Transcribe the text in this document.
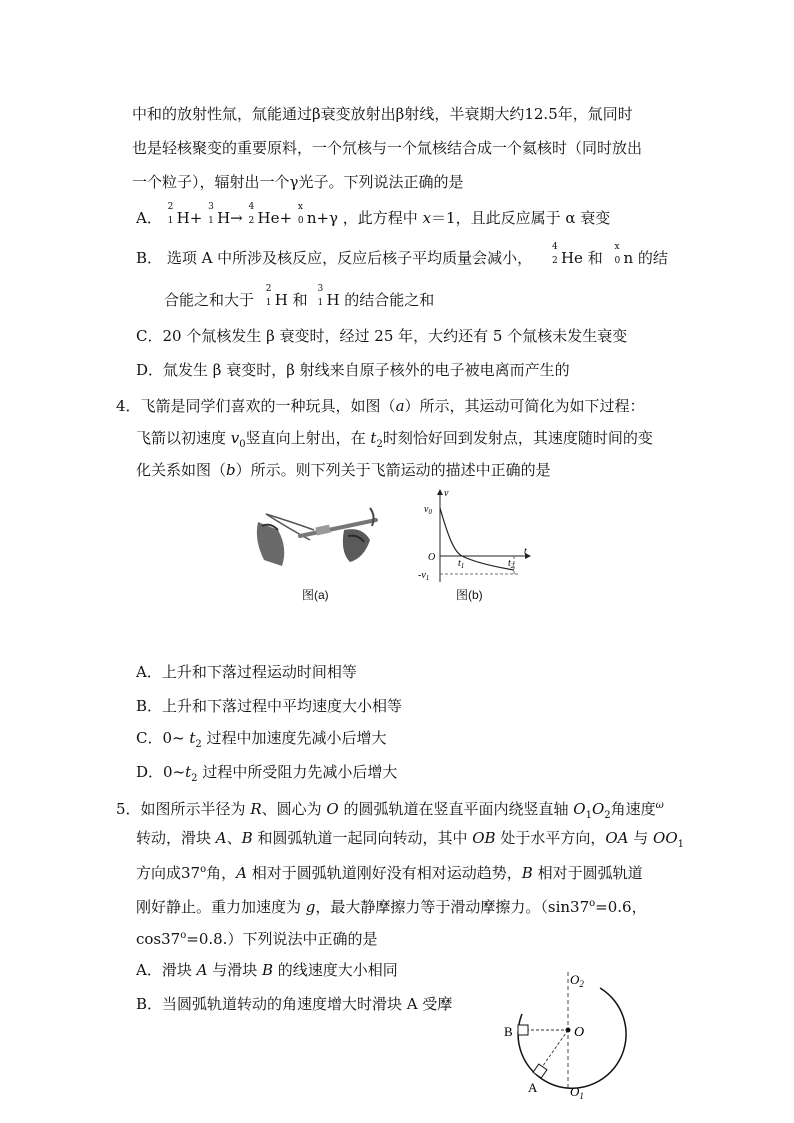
中和的放射性氚，氚能通过β衰变放射出β射线，半衰期大约12.5年，氚同时
也是轻核聚变的重要原料，一个氘核与一个氚核结合成一个氦核时（同时放出
一个粒子），辐射出一个γ光子。下列说法正确的是
A．
2
1 H+
3
1 H→
4
2 He+
x
0 n+γ ，此方程中 x＝1，且此反应属于 α 衰变
B． 选项 A 中所涉及核反应，反应后核子平均质量会减小，
4
2 He 和
x
0 n 的结
合能之和大于
2
1 H 和
3
1 H 的结合能之和
C．20 个氚核发生 β 衰变时，经过 25 年，大约还有 5 个氚核未发生衰变
D．氚发生 β 衰变时，β 射线来自原子核外的电子被电离而产生的
4．飞箭是同学们喜欢的一种玩具，如图（a）所示，其运动可简化为如下过程：
飞箭以初速度 $v_0$竖直向上射出，在 $t_2$时刻恰好回到发射点，其速度随时间的变
化关系如图（b）所示。则下列关于飞箭运动的描述中正确的是
图(a)
v
$v_0$
O
t
$t_1$	$t_2$
$-v_1$
图(b)
A．上升和下落过程运动时间相等
B．上升和下落过程中平均速度大小相等
C．0~ $t_2$ 过程中加速度先减小后增大
D．$0\sim t_2$ 过程中所受阻力先减小后增大
5．如图所示半径为 R、圆心为 O 的圆弧轨道在竖直平面内绕竖直轴 $O_1O_2$角速度$^\omega$
转动，滑块 A、B 和圆弧轨道一起同向转动，其中 OB 处于水平方向，OA 与 $OO_1$
方向成37$^o$角，A 相对于圆弧轨道刚好没有相对运动趋势，B 相对于圆弧轨道
刚好静止。重力加速度为 g，最大静摩擦力等于滑动摩擦力。（$\sin 37^o=0.6$，
$\cos 37^o=0.8$.）下列说法中正确的是
A．滑块 A 与滑块 B 的线速度大小相同
B．当圆弧轨道转动的角速度增大时滑块 A 受摩
$O_2$
O
$O_1$
B
A
